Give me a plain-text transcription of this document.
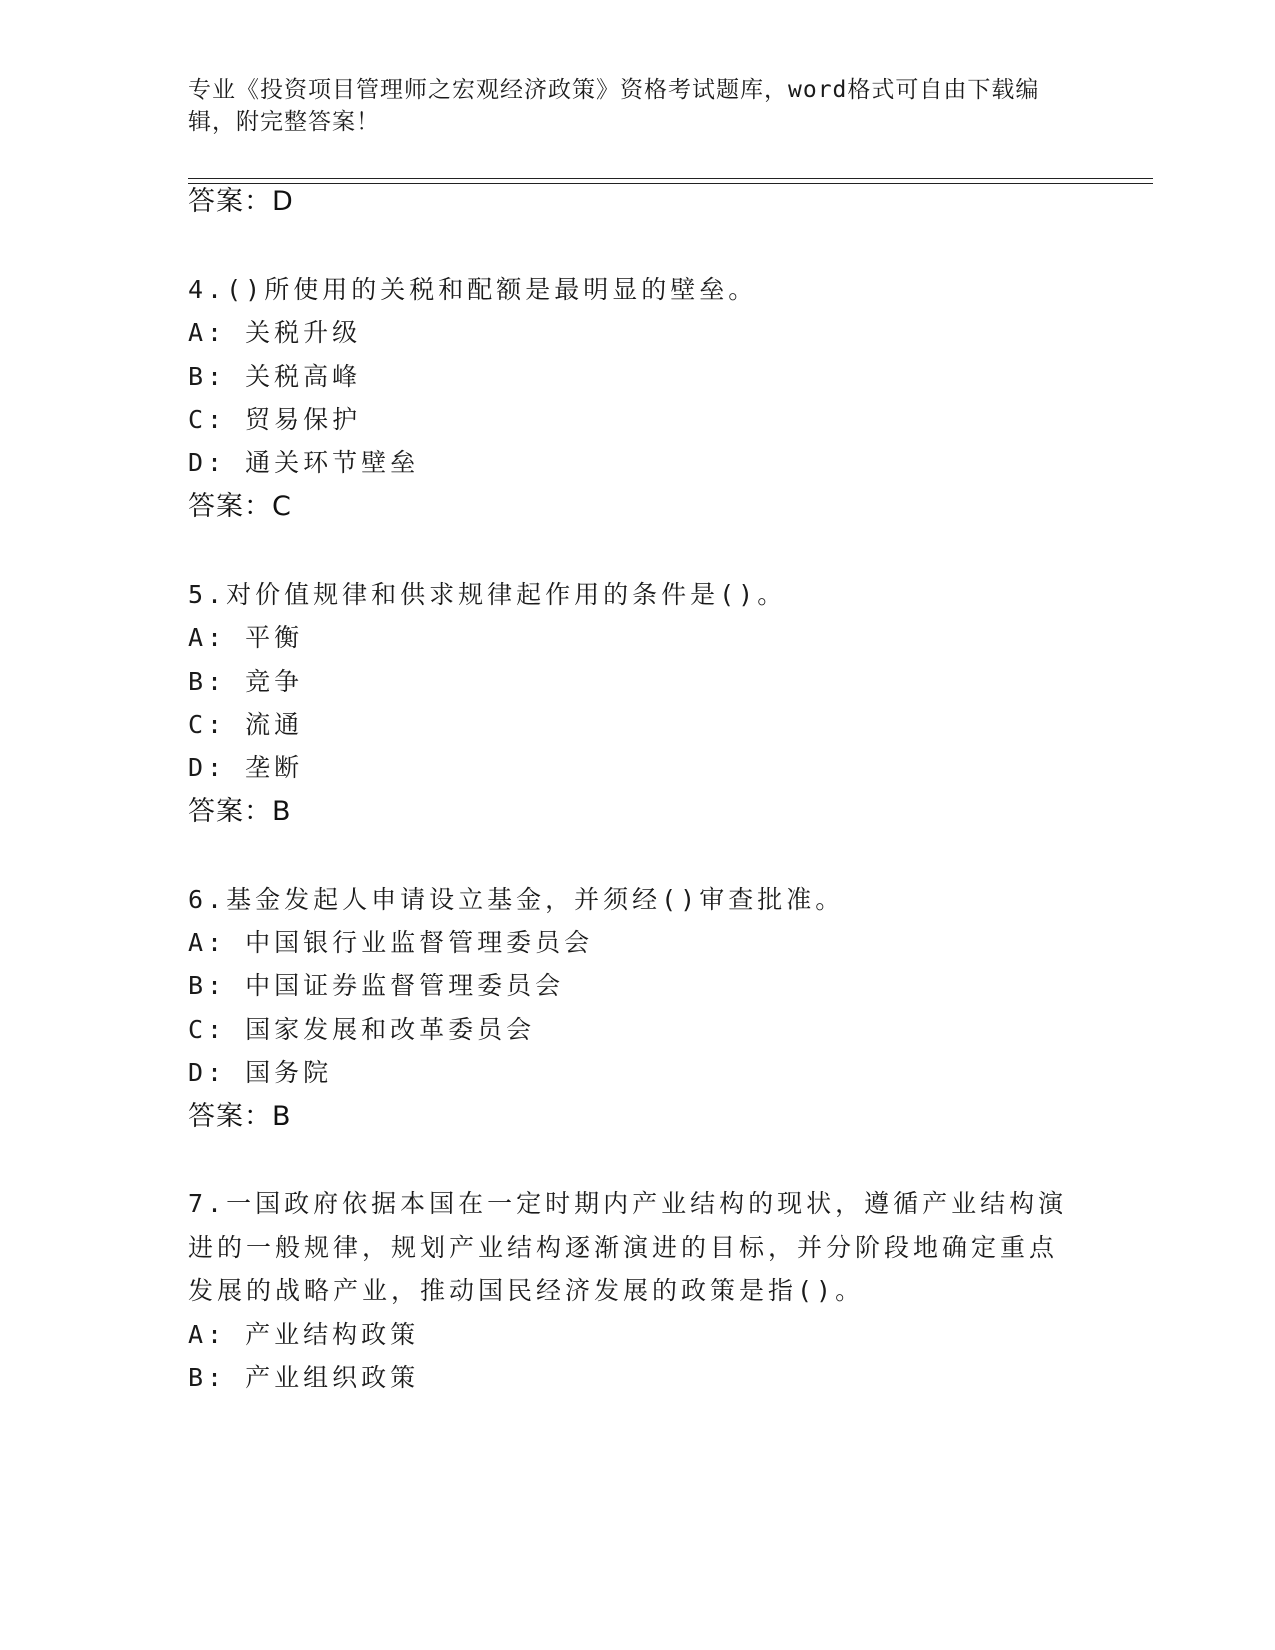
专业《投资项目管理师之宏观经济政策》资格考试题库，word格式可自由下载编
辑，附完整答案！
答案：D
4.()所使用的关税和配额是最明显的壁垒。
A: 关税升级
B: 关税高峰
C: 贸易保护
D: 通关环节壁垒
答案：C
5.对价值规律和供求规律起作用的条件是()。
A: 平衡
B: 竞争
C: 流通
D: 垄断
答案：B
6.基金发起人申请设立基金，并须经()审查批准。
A: 中国银行业监督管理委员会
B: 中国证券监督管理委员会
C: 国家发展和改革委员会
D: 国务院
答案：B
7.一国政府依据本国在一定时期内产业结构的现状，遵循产业结构演
进的一般规律，规划产业结构逐渐演进的目标，并分阶段地确定重点
发展的战略产业，推动国民经济发展的政策是指()。
A: 产业结构政策
B: 产业组织政策
